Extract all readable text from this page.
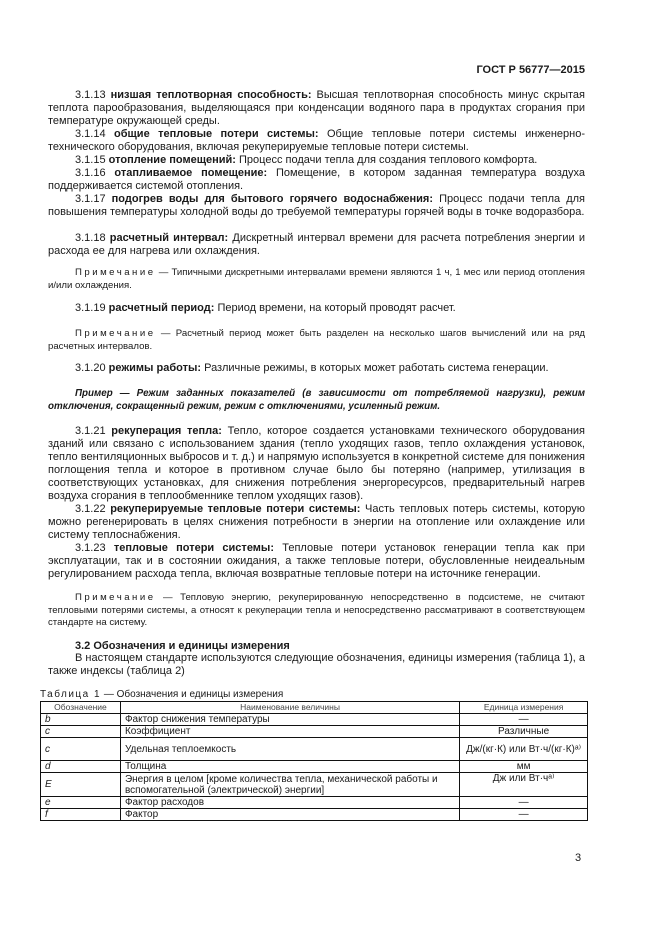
ГОСТ Р 56777—2015
3.1.13 низшая теплотворная способность: Высшая теплотворная способность минус скрытая теплота парообразования, выделяющаяся при конденсации водяного пара в продуктах сгорания при температуре окружающей среды.
3.1.14 общие тепловые потери системы: Общие тепловые потери системы инженерно-технического оборудования, включая рекуперируемые тепловые потери системы.
3.1.15 отопление помещений: Процесс подачи тепла для создания теплового комфорта.
3.1.16 отапливаемое помещение: Помещение, в котором заданная температура воздуха поддерживается системой отопления.
3.1.17 подогрев воды для бытового горячего водоснабжения: Процесс подачи тепла для повышения температуры холодной воды до требуемой температуры горячей воды в точке водоразбора.
3.1.18 расчетный интервал: Дискретный интервал времени для расчета потребления энергии и расхода ее для нагрева или охлаждения.
Примечание — Типичными дискретными интервалами времени являются 1 ч, 1 мес или период отопления и/или охлаждения.
3.1.19 расчетный период: Период времени, на который проводят расчет.
Примечание — Расчетный период может быть разделен на несколько шагов вычислений или на ряд расчетных интервалов.
3.1.20 режимы работы: Различные режимы, в которых может работать система генерации.
Пример — Режим заданных показателей (в зависимости от потребляемой нагрузки), режим отключения, сокращенный режим, режим с отключениями, усиленный режим.
3.1.21 рекуперация тепла: Тепло, которое создается установками технического оборудования зданий или связано с использованием здания (тепло уходящих газов, тепло охлаждения установок, тепло вентиляционных выбросов и т. д.) и напрямую используется в конкретной системе для понижения поглощения тепла и которое в противном случае было бы потеряно (например, утилизация в соответствующих установках, для снижения потребления энергоресурсов, предварительный нагрев воздуха сгорания в теплообменнике теплом уходящих газов).
3.1.22 рекуперируемые тепловые потери системы: Часть тепловых потерь системы, которую можно регенерировать в целях снижения потребности в энергии на отопление или охлаждение или систему теплоснабжения.
3.1.23 тепловые потери системы: Тепловые потери установок генерации тепла как при эксплуатации, так и в состоянии ожидания, а также тепловые потери, обусловленные неидеальным регулированием расхода тепла, включая возвратные тепловые потери на источнике генерации.
Примечание — Тепловую энергию, рекуперированную непосредственно в подсистеме, не считают тепловыми потерями системы, а относят к рекуперации тепла и непосредственно рассматривают в соответствующем стандарте на систему.
3.2 Обозначения и единицы измерения
В настоящем стандарте используются следующие обозначения, единицы измерения (таблица 1), а также индексы (таблица 2)
Таблица 1 — Обозначения и единицы измерения
Обозначение	Наименование величины	Единица измерения
b	Фактор снижения температуры	—
c	Коэффициент	Различные
c	Удельная теплоемкость	Дж/(кг·К) или Вт·ч/(кг·К)ᵃ⁾
d	Толщина	мм
E	Энергия в целом [кроме количества тепла, механической работы и вспомогательной (электрической) энергии]	Дж или Вт·чᵃ⁾
e	Фактор расходов	—
f	Фактор	—
3
